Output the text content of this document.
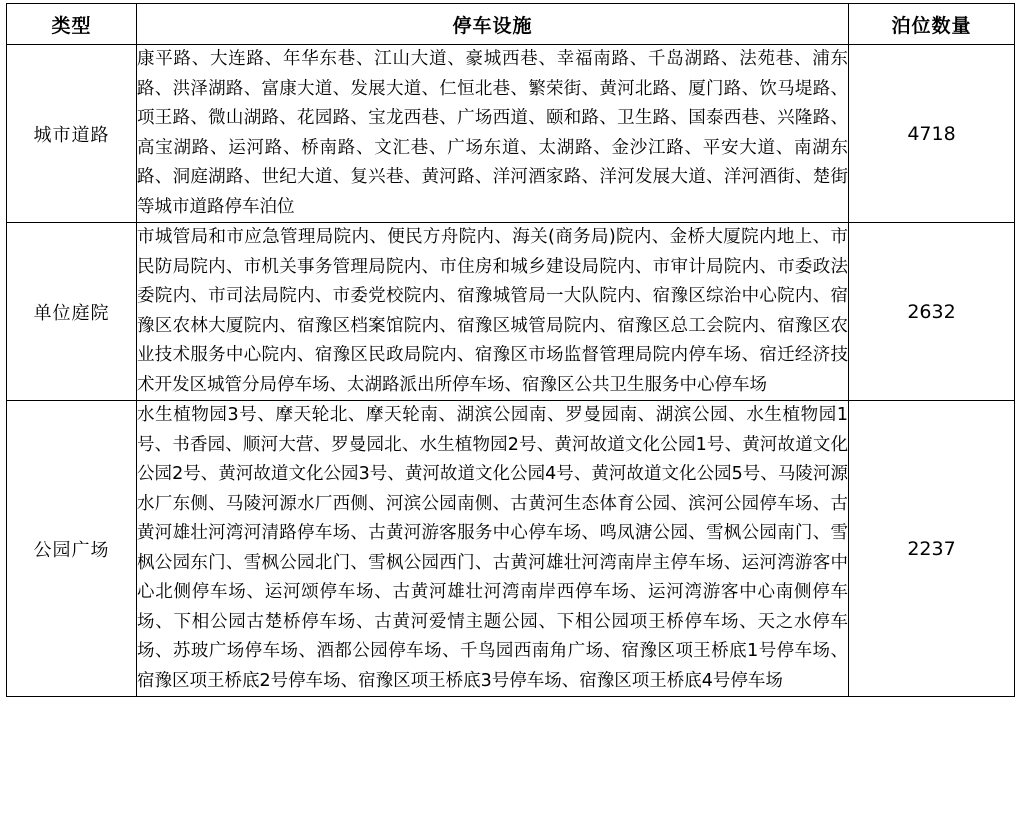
类型	停车设施	泊位数量
城市道路	康平路、大连路、年华东巷、江山大道、豪城西巷、幸福南路、千岛湖路、法苑巷、浦东路、洪泽湖路、富康大道、发展大道、仁恒北巷、繁荣街、黄河北路、厦门路、饮马堤路、项王路、微山湖路、花园路、宝龙西巷、广场西道、颐和路、卫生路、国泰西巷、兴隆路、高宝湖路、运河路、桥南路、文汇巷、广场东道、太湖路、金沙江路、平安大道、南湖东路、洞庭湖路、世纪大道、复兴巷、黄河路、洋河酒家路、洋河发展大道、洋河酒街、楚街等城市道路停车泊位	4718
单位庭院	市城管局和市应急管理局院内、便民方舟院内、海关(商务局)院内、金桥大厦院内地上、市民防局院内、市机关事务管理局院内、市住房和城乡建设局院内、市审计局院内、市委政法委院内、市司法局院内、市委党校院内、宿豫城管局一大队院内、宿豫区综治中心院内、宿豫区农林大厦院内、宿豫区档案馆院内、宿豫区城管局院内、宿豫区总工会院内、宿豫区农业技术服务中心院内、宿豫区民政局院内、宿豫区市场监督管理局院内停车场、宿迁经济技术开发区城管分局停车场、太湖路派出所停车场、宿豫区公共卫生服务中心停车场	2632
公园广场	水生植物园3号、摩天轮北、摩天轮南、湖滨公园南、罗曼园南、湖滨公园、水生植物园1号、书香园、顺河大营、罗曼园北、水生植物园2号、黄河故道文化公园1号、黄河故道文化公园2号、黄河故道文化公园3号、黄河故道文化公园4号、黄河故道文化公园5号、马陵河源水厂东侧、马陵河源水厂西侧、河滨公园南侧、古黄河生态体育公园、滨河公园停车场、古黄河雄壮河湾河清路停车场、古黄河游客服务中心停车场、鸣凤溏公园、雪枫公园南门、雪枫公园东门、雪枫公园北门、雪枫公园西门、古黄河雄壮河湾南岸主停车场、运河湾游客中心北侧停车场、运河颂停车场、古黄河雄壮河湾南岸西停车场、运河湾游客中心南侧停车场、下相公园古楚桥停车场、古黄河爱情主题公园、下相公园项王桥停车场、天之水停车场、苏玻广场停车场、酒都公园停车场、千鸟园西南角广场、宿豫区项王桥底1号停车场、宿豫区项王桥底2号停车场、宿豫区项王桥底3号停车场、宿豫区项王桥底4号停车场	2237
